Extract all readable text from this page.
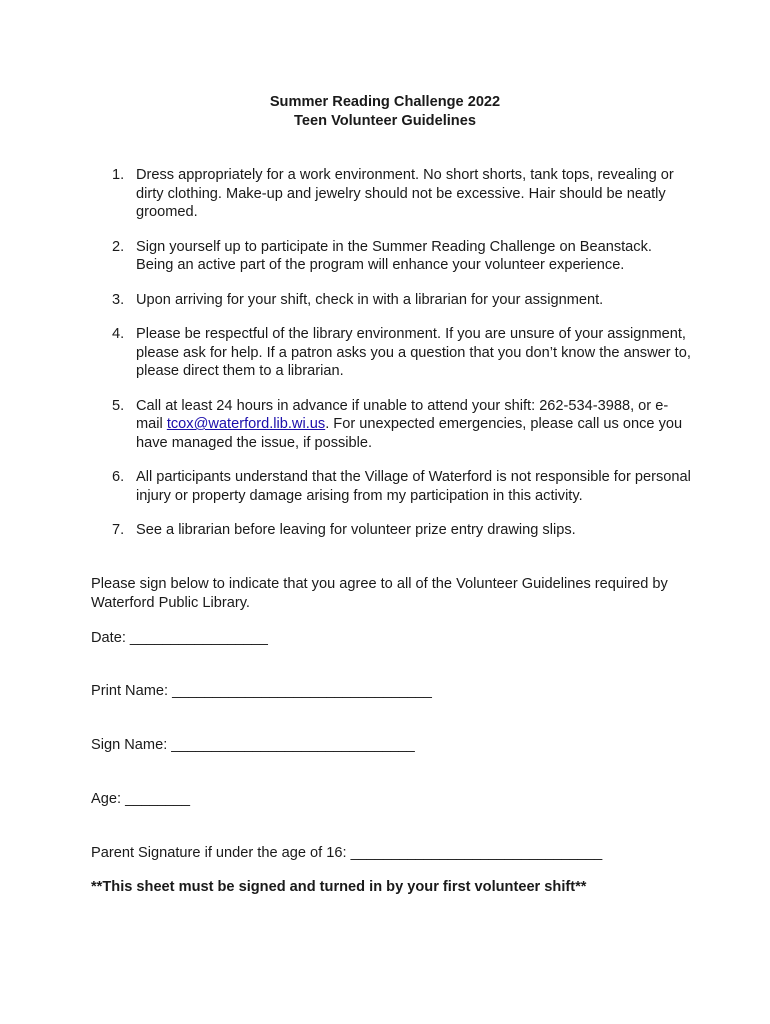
Summer Reading Challenge 2022
Teen Volunteer Guidelines
1. Dress appropriately for a work environment. No short shorts, tank tops, revealing or dirty clothing. Make-up and jewelry should not be excessive. Hair should be neatly groomed.
2. Sign yourself up to participate in the Summer Reading Challenge on Beanstack. Being an active part of the program will enhance your volunteer experience.
3. Upon arriving for your shift, check in with a librarian for your assignment.
4. Please be respectful of the library environment. If you are unsure of your assignment, please ask for help. If a patron asks you a question that you don’t know the answer to, please direct them to a librarian.
5. Call at least 24 hours in advance if unable to attend your shift: 262-534-3988, or e-mail tcox@waterford.lib.wi.us. For unexpected emergencies, please call us once you have managed the issue, if possible.
6. All participants understand that the Village of Waterford is not responsible for personal injury or property damage arising from my participation in this activity.
7. See a librarian before leaving for volunteer prize entry drawing slips.
Please sign below to indicate that you agree to all of the Volunteer Guidelines required by Waterford Public Library.
Date: _________________
Print Name: ________________________________
Sign Name: ______________________________
Age: ________
Parent Signature if under the age of 16: _______________________________
**This sheet must be signed and turned in by your first volunteer shift**
